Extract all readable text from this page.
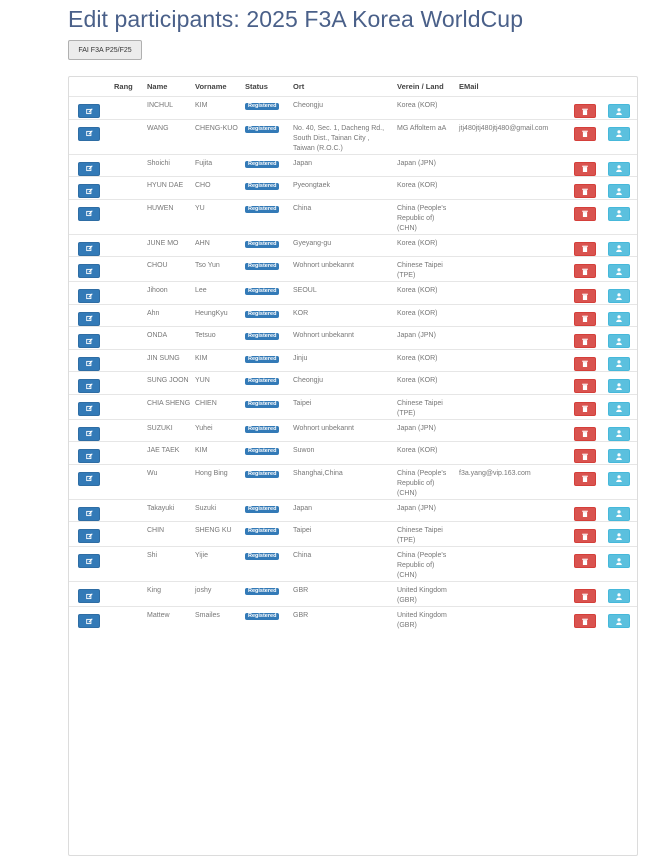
Edit participants: 2025 F3A Korea WorldCup
FAI F3A P25/F25
	Rang	Name	Vorname	Status	Ort	Verein / Land	EMail		

		INCHUL	KIM	Registered	Cheongju	Korea (KOR)		

		WANG	CHENG-KUO	Registered	No. 40, Sec. 1, Dacheng Rd., South Dist., Tainan City , Taiwan (R.O.C.)	MG Affoltern aA	jtj480jtj480jtj480@gmail.com	

		Shoichi	Fujita	Registered	Japan	Japan (JPN)		

		HYUN DAE	CHO	Registered	Pyeongtaek	Korea (KOR)		

		HUWEN	YU	Registered	China	China (People's Republic of) (CHN)		

		JUNE MO	AHN	Registered	Gyeyang-gu	Korea (KOR)		

		CHOU	Tso Yun	Registered	Wohnort unbekannt	Chinese Taipei (TPE)		

		Jihoon	Lee	Registered	SEOUL	Korea (KOR)		

		Ahn	HeungKyu	Registered	KOR	Korea (KOR)		

		ONDA	Tetsuo	Registered	Wohnort unbekannt	Japan (JPN)		

		JIN SUNG	KIM	Registered	Jinju	Korea (KOR)		

		SUNG JOON	YUN	Registered	Cheongju	Korea (KOR)		

		CHIA SHENG	CHIEN	Registered	Taipei	Chinese Taipei (TPE)		

		SUZUKI	Yuhei	Registered	Wohnort unbekannt	Japan (JPN)		

		JAE TAEK	KIM	Registered	Suwon	Korea (KOR)		

		Wu	Hong Bing	Registered	Shanghai,China	China (People's Republic of) (CHN)	f3a.yang@vip.163.com	

		Takayuki	Suzuki	Registered	Japan	Japan (JPN)		

		CHIN	SHENG KU	Registered	Taipei	Chinese Taipei (TPE)		

		Shi	Yijie	Registered	China	China (People's Republic of) (CHN)		

		King	joshy	Registered	GBR	United Kingdom (GBR)		

		Mattew	Smailes	Registered	GBR	United Kingdom (GBR)		
